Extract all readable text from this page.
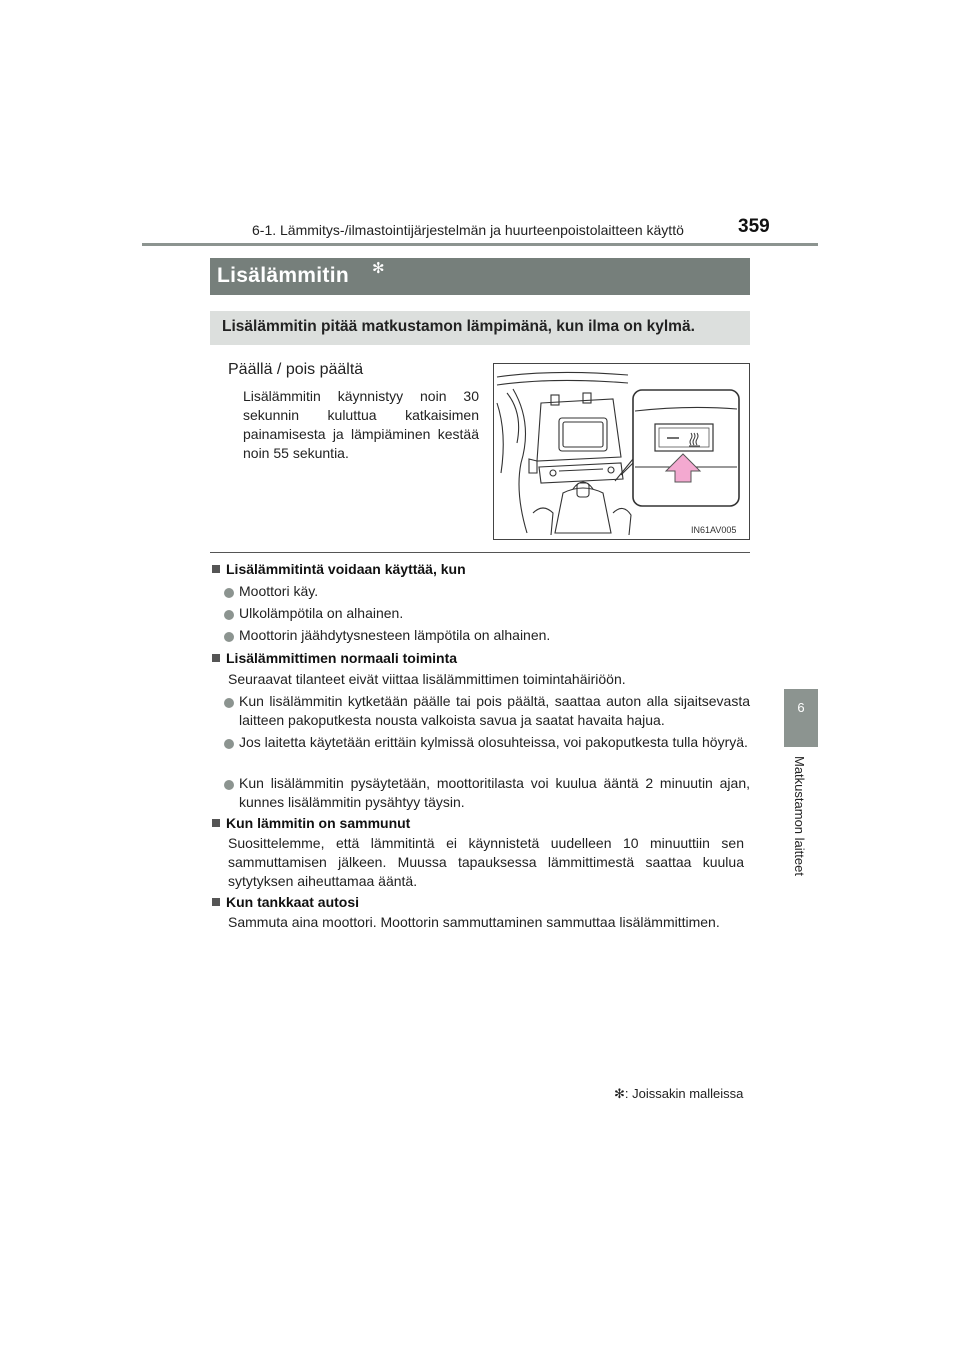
6-1. Lämmitys-/ilmastointijärjestelmän ja huurteenpoistolaitteen käyttö	359
6
Matkustamon laitteet
Lisälämmitin ✻
Lisälämmitin pitää matkustamon lämpimänä, kun ilma on kylmä.
Päällä / pois päältä
Lisälämmitin käynnistyy noin 30 sekunnin kuluttua katkaisimen painamisesta ja lämpiäminen kestää noin 55 sekuntia.
IN61AV005
Lisälämmitintä voidaan käyttää, kun
Moottori käy.
Ulkolämpötila on alhainen.
Moottorin jäähdytysnesteen lämpötila on alhainen.
Lisälämmittimen normaali toiminta
Seuraavat tilanteet eivät viittaa lisälämmittimen toimintahäiriöön.
Kun lisälämmitin kytketään päälle tai pois päältä, saattaa auton alla sijaitsevasta laitteen pakoputkesta nousta valkoista savua ja saatat havaita hajua.
Jos laitetta käytetään erittäin kylmissä olosuhteissa, voi pakoputkesta tulla höyryä.
Kun lisälämmitin pysäytetään, moottoritilasta voi kuulua ääntä 2 minuutin ajan, kunnes lisälämmitin pysähtyy täysin.
Kun lämmitin on sammunut
Suosittelemme, että lämmitintä ei käynnistetä uudelleen 10 minuuttiin sen sammuttamisen jälkeen. Muussa tapauksessa lämmittimestä saattaa kuulua sytytyksen aiheuttamaa ääntä.
Kun tankkaat autosi
Sammuta aina moottori. Moottorin sammuttaminen sammuttaa lisälämmittimen.
✻: Joissakin malleissa
